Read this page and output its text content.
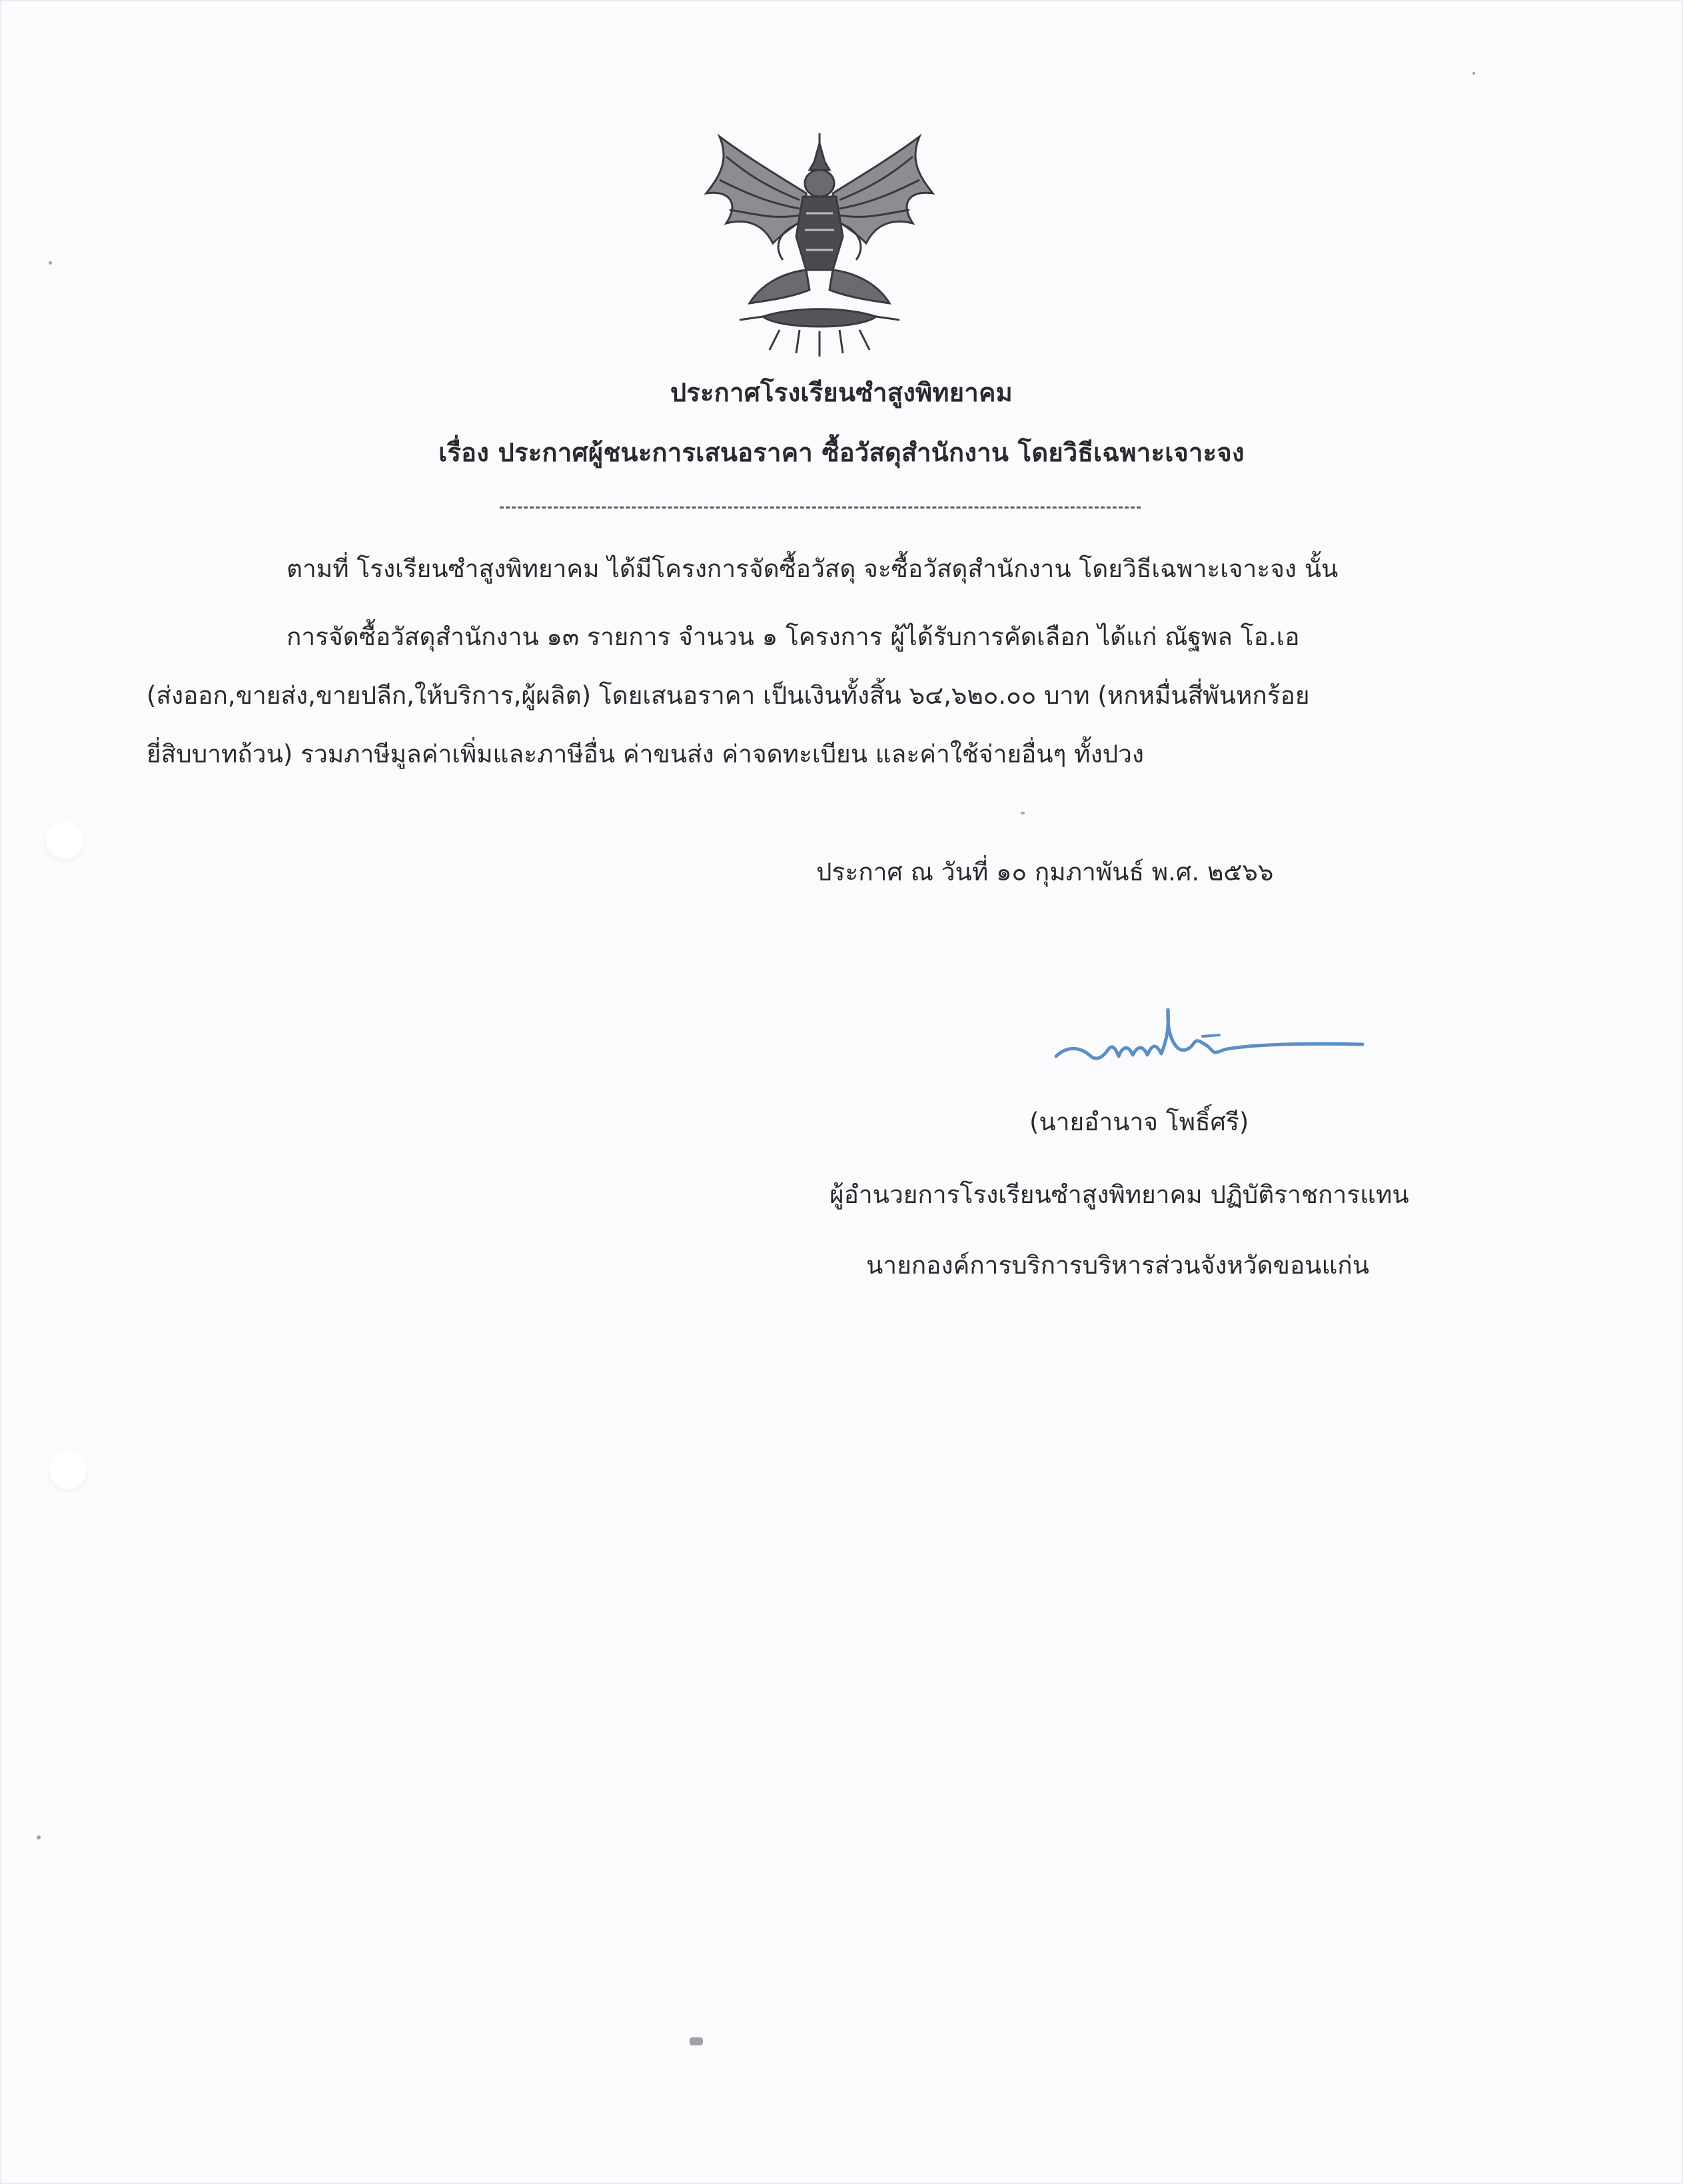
ประกาศโรงเรียนซำสูงพิทยาคม
เรื่อง ประกาศผู้ชนะการเสนอราคา ซื้อวัสดุสำนักงาน โดยวิธีเฉพาะเจาะจง
ตามที่ โรงเรียนซำสูงพิทยาคม ได้มีโครงการจัดซื้อวัสดุ จะซื้อวัสดุสำนักงาน โดยวิธีเฉพาะเจาะจง นั้น
การจัดซื้อวัสดุสำนักงาน ๑๓ รายการ จำนวน ๑ โครงการ ผู้ได้รับการคัดเลือก ได้แก่ ณัฐพล โอ.เอ
(ส่งออก,ขายส่ง,ขายปลีก,ให้บริการ,ผู้ผลิต) โดยเสนอราคา เป็นเงินทั้งสิ้น ๖๔,๖๒๐.๐๐ บาท (หกหมื่นสี่พันหกร้อย
ยี่สิบบาทถ้วน) รวมภาษีมูลค่าเพิ่มและภาษีอื่น ค่าขนส่ง ค่าจดทะเบียน และค่าใช้จ่ายอื่นๆ ทั้งปวง
ประกาศ ณ วันที่ ๑๐ กุมภาพันธ์ พ.ศ. ๒๕๖๖
(นายอำนาจ โพธิ์ศรี)
ผู้อำนวยการโรงเรียนซำสูงพิทยาคม ปฏิบัติราชการแทน
นายกองค์การบริการบริหารส่วนจังหวัดขอนแก่น
